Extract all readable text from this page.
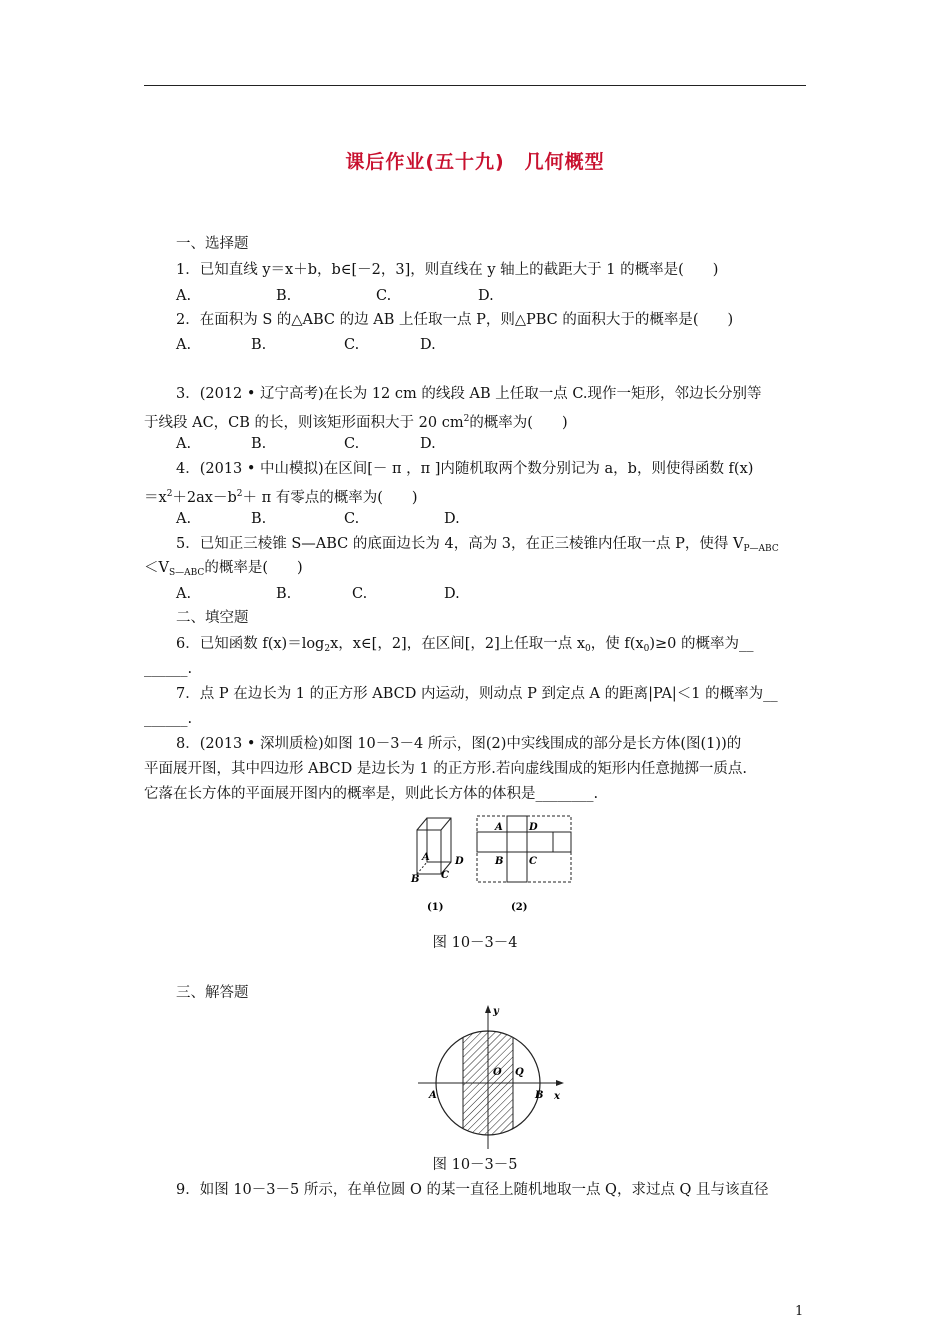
课后作业(五十九)　几何概型
一、选择题
1．已知直线 y＝x＋b，b∈[－2，3]，则直线在 y 轴上的截距大于 1 的概率是(　　)
A.	B.	C.	D.
2．在面积为 S 的△ABC 的边 AB 上任取一点 P，则△PBC 的面积大于的概率是(　　)
A.	B.	C.	D.
3．(2012 • 辽宁高考)在长为 12 cm 的线段 AB 上任取一点 C.现作一矩形，邻边长分别等
于线段 AC，CB 的长，则该矩形面积大于 20 $cm^2$的概率为(　　)
A.	B.	C.	D.
4．(2013 • 中山模拟)在区间[－ π ，π ]内随机取两个数分别记为 a，b，则使得函数 f(x)
$=x^2+2ax-b^2+ \pi$ 有零点的概率为(　　)
A.	B.	C.	D.
5．已知正三棱锥 S—ABC 的底面边长为 4，高为 3，在正三棱锥内任取一点 P，使得 $V_{P—ABC}$
$<V_{S—ABC}$的概率是(　　)
A.	B.	C.	D.
二、填空题
6．已知函数 $f(x)=\log_2x$，x∈[，2]，在区间[，2]上任取一点 $x_0$，使 $f(x_0)\ge 0$ 的概率为__
______.
7．点 P 在边长为 1 的正方形 ABCD 内运动，则动点 P 到定点 A 的距离|PA|＜1 的概率为__
______.
8．(2013 • 深圳质检)如图 10－3－4 所示，图(2)中实线围成的部分是长方体(图(1))的
平面展开图，其中四边形 ABCD 是边长为 1 的正方形.若向虚线围成的矩形内任意抛掷一质点.
它落在长方体的平面展开图内的概率是，则此长方体的体积是________.
A
B C
D
A	D
B	C
(1)	(2)
图 10－3－4
三、解答题
y
x
O Q
A	B
图 10－3－5
9．如图 10－3－5 所示，在单位圆 O 的某一直径上随机地取一点 Q，求过点 Q 且与该直径
1
